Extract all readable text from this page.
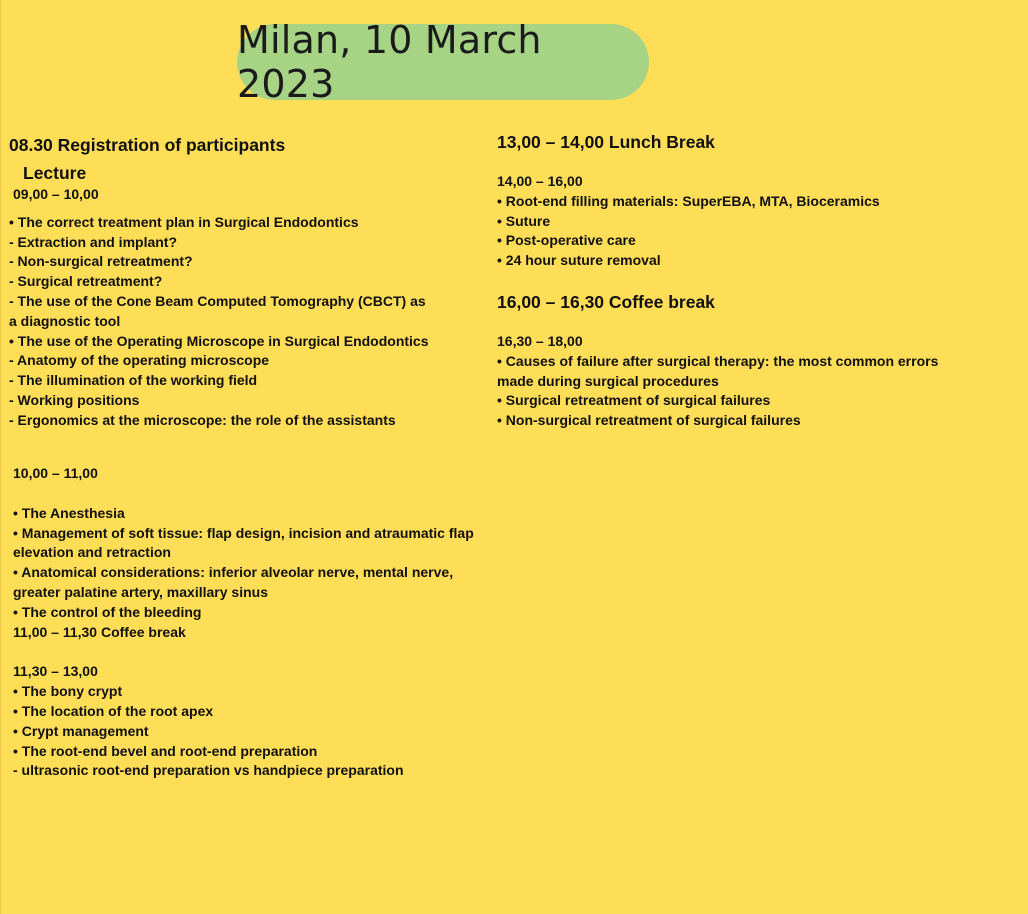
Milan, 10 March 2023
08.30 Registration of participants
Lecture
09,00 – 10,00
• The correct treatment plan in Surgical Endodontics
- Extraction and implant?
- Non-surgical retreatment?
- Surgical retreatment?
- The use of the Cone Beam Computed Tomography (CBCT) as
a diagnostic tool
• The use of the Operating Microscope in Surgical Endodontics
- Anatomy of the operating microscope
- The illumination of the working field
- Working positions
- Ergonomics at the microscope: the role of the assistants
10,00 – 11,00
• The Anesthesia
• Management of soft tissue: flap design, incision and atraumatic flap
elevation and retraction
• Anatomical considerations: inferior alveolar nerve, mental nerve,
greater palatine artery, maxillary sinus
• The control of the bleeding
11,00 – 11,30 Coffee break
11,30 – 13,00
• The bony crypt
• The location of the root apex
• Crypt management
• The root-end bevel and root-end preparation
- ultrasonic root-end preparation vs handpiece preparation
13,00 – 14,00 Lunch Break
14,00 – 16,00
• Root-end filling materials: SuperEBA, MTA, Bioceramics
• Suture
• Post-operative care
• 24 hour suture removal
16,00 – 16,30 Coffee break
16,30 – 18,00
• Causes of failure after surgical therapy: the most common errors
made during surgical procedures
• Surgical retreatment of surgical failures
• Non-surgical retreatment of surgical failures
